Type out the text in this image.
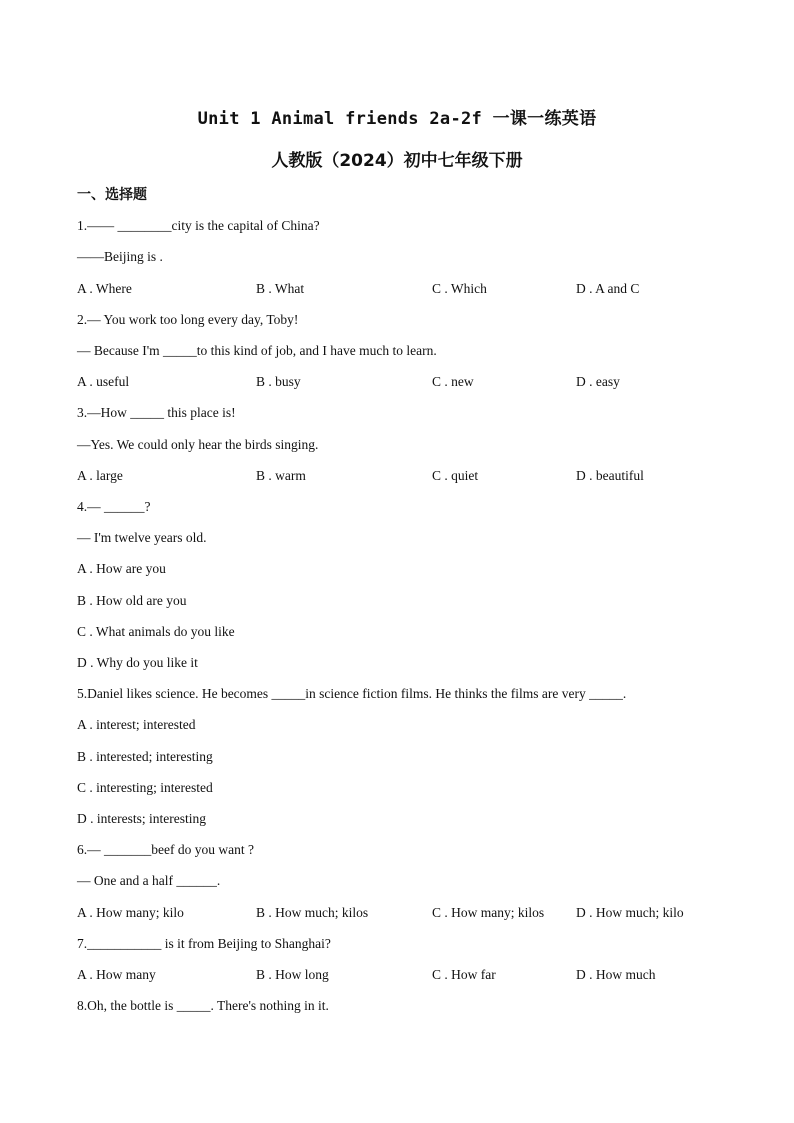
Unit 1 Animal friends 2a-2f 一课一练英语
人教版（2024）初中七年级下册
一、选择题
1.—— ________city is the capital of China?
——Beijing is .
A . Where	B . What	C . Which	D . A and C
2.— You work too long every day, Toby!
— Because I'm _____to this kind of job, and I have much to learn.
A . useful	B . busy	C . new	D . easy
3.—How _____ this place is!
—Yes. We could only hear the birds singing.
A . large	B . warm	C . quiet	D . beautiful
4.— ______?
— I'm twelve years old.
A . How are you
B . How old are you
C . What animals do you like
D . Why do you like it
5.Daniel likes science. He becomes _____in science fiction films. He thinks the films are very _____.
A . interest; interested
B . interested; interesting
C . interesting; interested
D . interests; interesting
6.— _______beef do you want ?
— One and a half ______.
A . How many; kilo	B . How much; kilos	C . How many; kilos D . How much; kilo
7.___________ is it from Beijing to Shanghai?
A . How many	B . How long	C . How far	D . How much
8.Oh, the bottle is _____. There's nothing in it.
